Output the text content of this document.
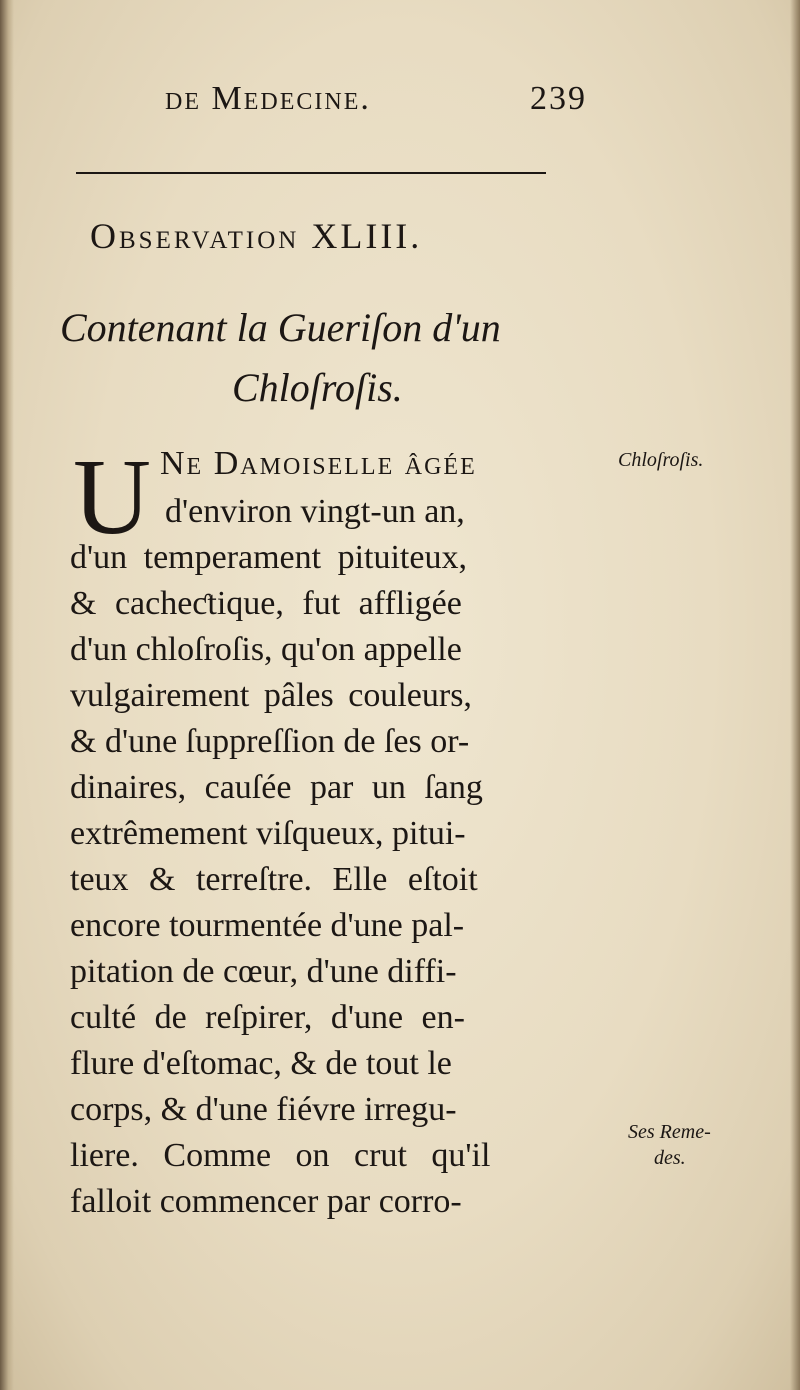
de Medecine.	239
Observation XLIII.
Contenant la Gueriſon d'un
Chloſroſis.
U Ne Damoiselle âgée
d'environ vingt-un an,
d'un temperament pituiteux,
& cacheƈtique, fut affligée
d'un chloſroſis, qu'on appelle
vulgairement pâles couleurs,
& d'une ſuppreſſion de ſes or-
dinaires, cauſée par un ſang
extrêmement viſqueux, pitui-
teux & terreſtre. Elle eſtoit
encore tourmentée d'une pal-
pitation de cœur, d'une diffi-
culté de reſpirer, d'une en-
flure d'eſtomac, & de tout le
corps, & d'une fiévre irregu-
liere. Comme on crut qu'il
falloit commencer par corro-
Chloſroſis.
Ses Reme-
des.
